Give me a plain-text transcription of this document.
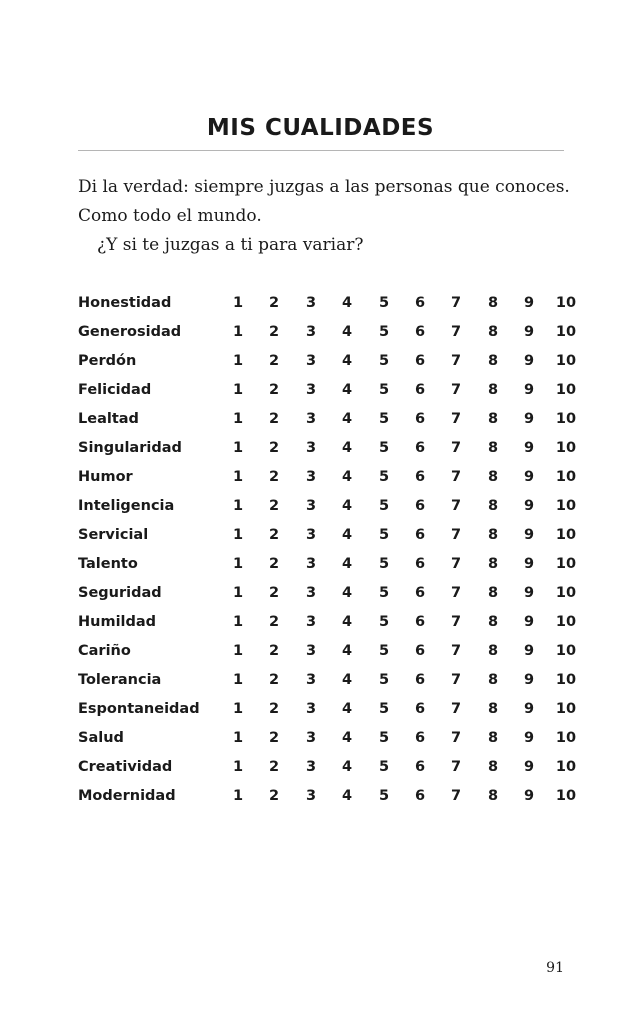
MIS CUALIDADES

Di la verdad: siempre juzgas a las personas que conoces.

Como todo el mundo.

¿Y si te juzgas a ti para variar?

Honestidad	1	2	3	4	5	6	7	8	9	10
Generosidad	1	2	3	4	5	6	7	8	9	10
Perdón	1	2	3	4	5	6	7	8	9	10
Felicidad	1	2	3	4	5	6	7	8	9	10
Lealtad	1	2	3	4	5	6	7	8	9	10
Singularidad	1	2	3	4	5	6	7	8	9	10
Humor	1	2	3	4	5	6	7	8	9	10
Inteligencia	1	2	3	4	5	6	7	8	9	10
Servicial	1	2	3	4	5	6	7	8	9	10
Talento	1	2	3	4	5	6	7	8	9	10
Seguridad	1	2	3	4	5	6	7	8	9	10
Humildad	1	2	3	4	5	6	7	8	9	10
Cariño	1	2	3	4	5	6	7	8	9	10
Tolerancia	1	2	3	4	5	6	7	8	9	10
Espontaneidad	1	2	3	4	5	6	7	8	9	10
Salud	1	2	3	4	5	6	7	8	9	10
Creatividad	1	2	3	4	5	6	7	8	9	10
Modernidad	1	2	3	4	5	6	7	8	9	10
91
